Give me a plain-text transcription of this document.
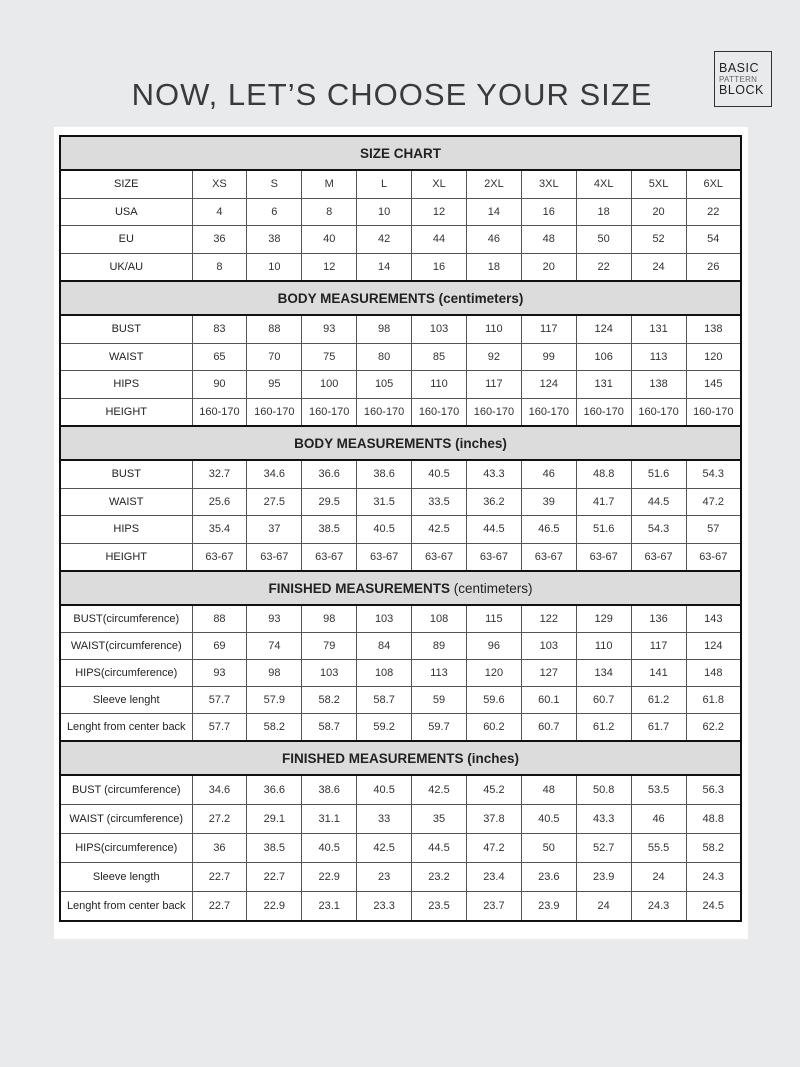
NOW, LET’S CHOOSE YOUR SIZE
BASIC
PATTERN
BLOCK
SIZE CHART										
SIZE	XS	S	M	L	XL	2XL	3XL	4XL	5XL	6XL
USA	4	6	8	10	12	14	16	18	20	22
EU	36	38	40	42	44	46	48	50	52	54
UK/AU	8	10	12	14	16	18	20	22	24	26
BODY MEASUREMENTS (centimeters)										
BUST	83	88	93	98	103	110	117	124	131	138
WAIST	65	70	75	80	85	92	99	106	113	120
HIPS	90	95	100	105	110	117	124	131	138	145
HEIGHT	160-170	160-170	160-170	160-170	160-170	160-170	160-170	160-170	160-170	160-170
BODY MEASUREMENTS (inches)										
BUST	32.7	34.6	36.6	38.6	40.5	43.3	46	48.8	51.6	54.3
WAIST	25.6	27.5	29.5	31.5	33.5	36.2	39	41.7	44.5	47.2
HIPS	35.4	37	38.5	40.5	42.5	44.5	46.5	51.6	54.3	57
HEIGHT	63-67	63-67	63-67	63-67	63-67	63-67	63-67	63-67	63-67	63-67
FINISHED MEASUREMENTS (centimeters)										
BUST(circumference)	88	93	98	103	108	115	122	129	136	143
WAIST(circumference)	69	74	79	84	89	96	103	110	117	124
HIPS(circumference)	93	98	103	108	113	120	127	134	141	148
Sleeve lenght	57.7	57.9	58.2	58.7	59	59.6	60.1	60.7	61.2	61.8
Lenght from center back	57.7	58.2	58.7	59.2	59.7	60.2	60.7	61.2	61.7	62.2
FINISHED MEASUREMENTS (inches)										
BUST (circumference)	34.6	36.6	38.6	40.5	42.5	45.2	48	50.8	53.5	56.3
WAIST (circumference)	27.2	29.1	31.1	33	35	37.8	40.5	43.3	46	48.8
HIPS(circumference)	36	38.5	40.5	42.5	44.5	47.2	50	52.7	55.5	58.2
Sleeve length	22.7	22.7	22.9	23	23.2	23.4	23.6	23.9	24	24.3
Lenght from center back	22.7	22.9	23.1	23.3	23.5	23.7	23.9	24	24.3	24.5
